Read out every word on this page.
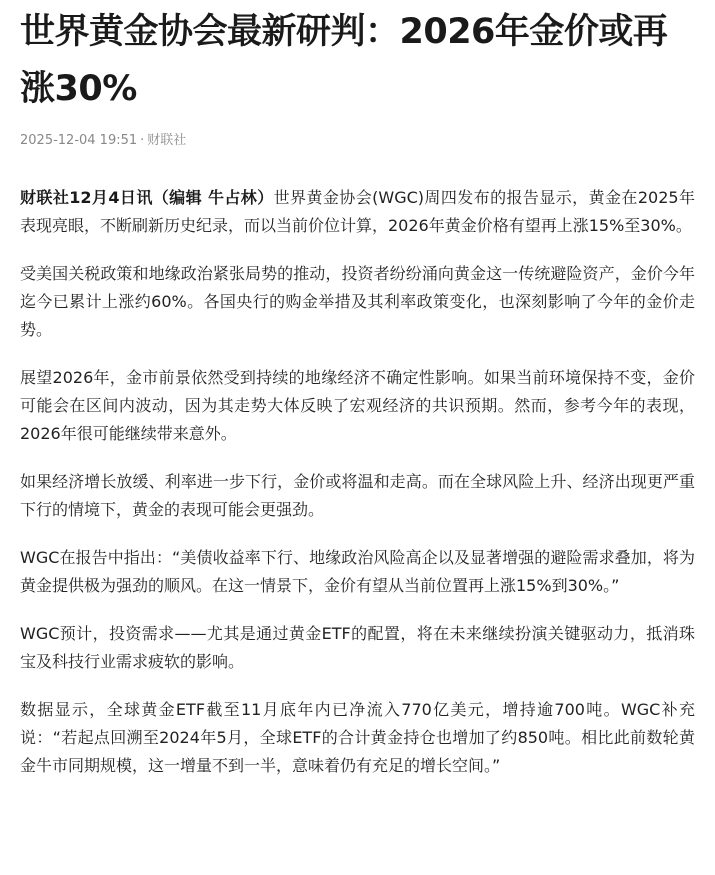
世界黄金协会最新研判：2026年金价或再涨30%
2025-12-04 19:51 · 财联社

财联社12月4日讯（编辑 牛占林）世界黄金协会(WGC)周四发布的报告显示，黄金在2025年表现亮眼，不断刷新历史纪录，而以当前价位计算，2026年黄金价格有望再上涨15%至30%。

受美国关税政策和地缘政治紧张局势的推动，投资者纷纷涌向黄金这一传统避险资产，金价今年迄今已累计上涨约60%。各国央行的购金举措及其利率政策变化，也深刻影响了今年的金价走势。

展望2026年，金市前景依然受到持续的地缘经济不确定性影响。如果当前环境保持不变，金价可能会在区间内波动，因为其走势大体反映了宏观经济的共识预期。然而，参考今年的表现，2026年很可能继续带来意外。

如果经济增长放缓、利率进一步下行，金价或将温和走高。而在全球风险上升、经济出现更严重下行的情境下，黄金的表现可能会更强劲。

WGC在报告中指出：“美债收益率下行、地缘政治风险高企以及显著增强的避险需求叠加，将为黄金提供极为强劲的顺风。在这一情景下，金价有望从当前位置再上涨15%到30%。”

WGC预计，投资需求——尤其是通过黄金ETF的配置，将在未来继续扮演关键驱动力，抵消珠宝及科技行业需求疲软的影响。

数据显示，全球黄金ETF截至11月底年内已净流入770亿美元，增持逾700吨。WGC补充说：“若起点回溯至2024年5月，全球ETF的合计黄金持仓也增加了约850吨。相比此前数轮黄金牛市同期规模，这一增量不到一半，意味着仍有充足的增长空间。”
